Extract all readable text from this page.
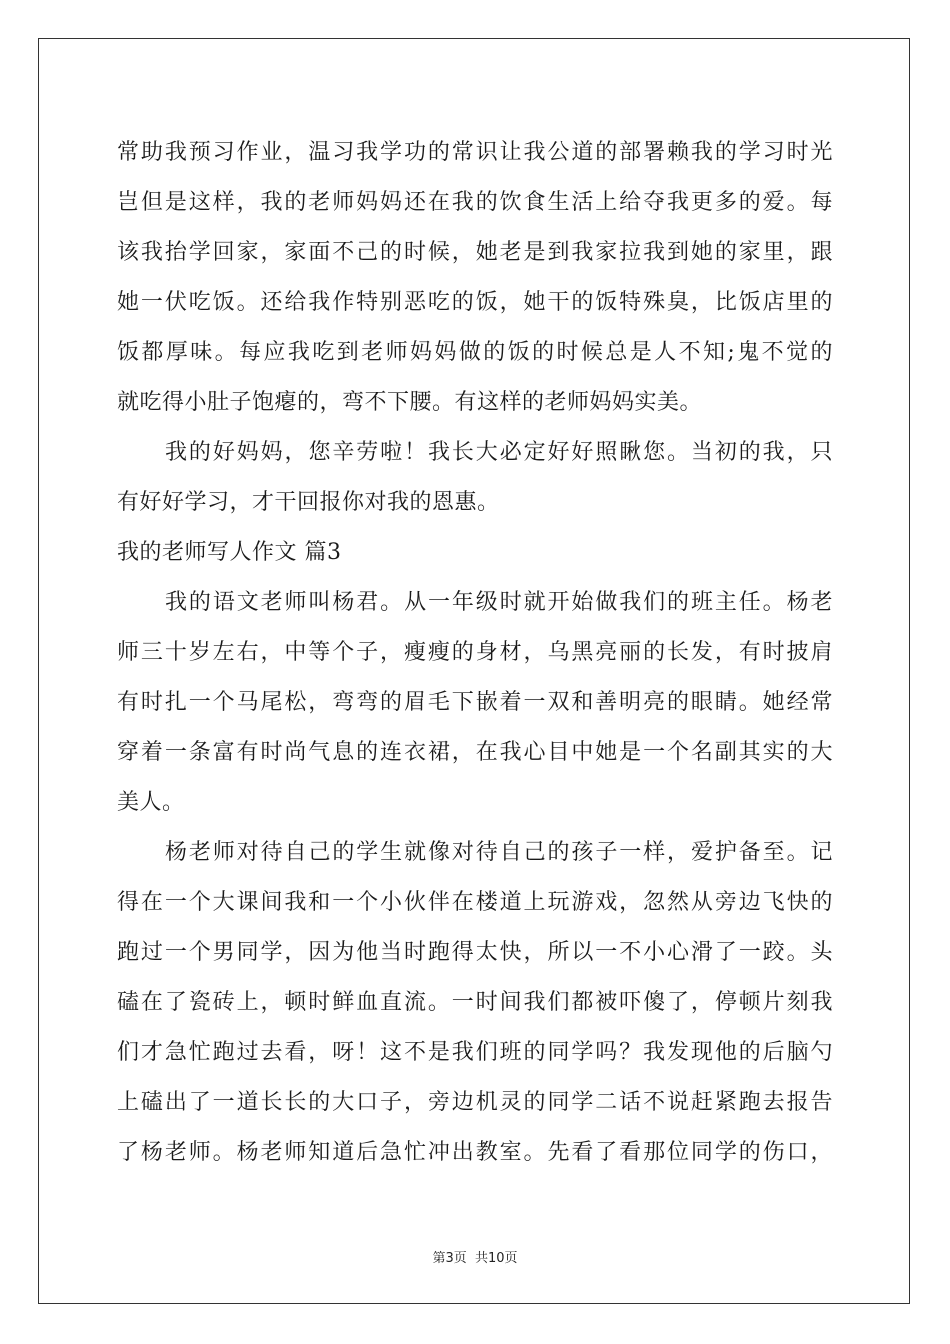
常助我预习作业，温习我学功的常识让我公道的部署赖我的学习时光
岂但是这样，我的老师妈妈还在我的饮食生活上给夺我更多的爱。每
该我抬学回家，家面不己的时候，她老是到我家拉我到她的家里，跟
她一伏吃饭。还给我作特别恶吃的饭，她干的饭特殊臭，比饭店里的
饭都厚味。每应我吃到老师妈妈做的饭的时候总是人不知;鬼不觉的
就吃得小肚子饱瘪的，弯不下腰。有这样的老师妈妈实美。
我的好妈妈，您辛劳啦！我长大必定好好照瞅您。当初的我，只
有好好学习，才干回报你对我的恩惠。
我的老师写人作文 篇3
我的语文老师叫杨君。从一年级时就开始做我们的班主任。杨老
师三十岁左右，中等个子，瘦瘦的身材，乌黑亮丽的长发，有时披肩
有时扎一个马尾松，弯弯的眉毛下嵌着一双和善明亮的眼睛。她经常
穿着一条富有时尚气息的连衣裙，在我心目中她是一个名副其实的大
美人。
杨老师对待自己的学生就像对待自己的孩子一样，爱护备至。记
得在一个大课间我和一个小伙伴在楼道上玩游戏，忽然从旁边飞快的
跑过一个男同学，因为他当时跑得太快，所以一不小心滑了一跤。头
磕在了瓷砖上，顿时鲜血直流。一时间我们都被吓傻了，停顿片刻我
们才急忙跑过去看，呀！这不是我们班的同学吗？我发现他的后脑勺
上磕出了一道长长的大口子，旁边机灵的同学二话不说赶紧跑去报告
了杨老师。杨老师知道后急忙冲出教室。先看了看那位同学的伤口，
第3页 共10页
